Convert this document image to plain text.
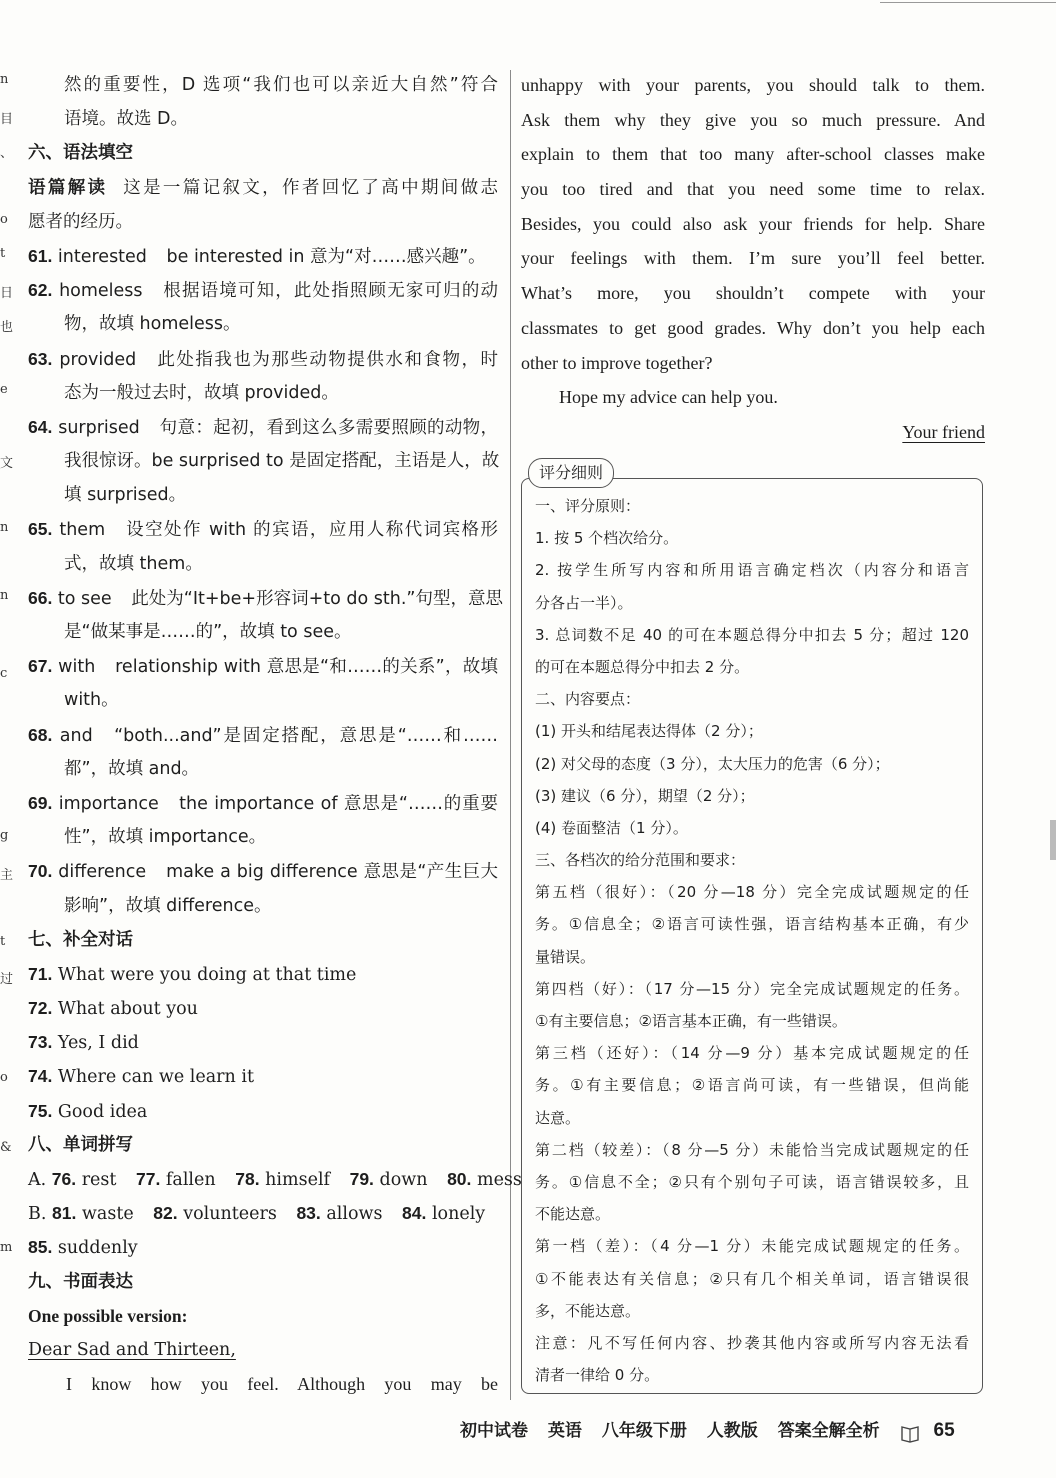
n
目
、
o
t
日
也
e
文
n
n
c
g
主
t
过
o
&
m
然的重要性，D 选项“我们也可以亲近大自然”符合
语境。故选 D。
六、语法填空
语篇解读 这是一篇记叙文，作者回忆了高中期间做志
愿者的经历。
61. interested be interested in 意为“对……感兴趣”。
62. homeless 根据语境可知，此处指照顾无家可归的动
物，故填 homeless。
63. provided 此处指我也为那些动物提供水和食物，时
态为一般过去时，故填 provided。
64. surprised 句意：起初，看到这么多需要照顾的动物，
我很惊讶。be surprised to 是固定搭配，主语是人，故
填 surprised。
65. them 设空处作 with 的宾语，应用人称代词宾格形
式，故填 them。
66. to see 此处为“It+be+形容词+to do sth.”句型，意思
是“做某事是……的”，故填 to see。
67. with relationship with 意思是“和……的关系”，故填
with。
68. and “both...and”是固定搭配，意思是“……和……
都”，故填 and。
69. importance the importance of 意思是“……的重要
性”，故填 importance。
70. difference make a big difference 意思是“产生巨大
影响”，故填 difference。
七、补全对话
71. What were you doing at that time
72. What about you
73. Yes, I did
74. Where can we learn it
75. Good idea
八、单词拼写
A. 76. rest 77. fallen 78. himself 79. down 80. mess
B. 81. waste 82. volunteers 83. allows 84. lonely
85. suddenly
九、书面表达
One possible version:
Dear Sad and Thirteen,
I know how you feel. Although you may be
unhappy with your parents, you should talk to them.
Ask them why they give you so much pressure. And
explain to them that too many after-school classes make
you too tired and that you need some time to relax.
Besides, you could also ask your friends for help. Share
your feelings with them. I’m sure you’ll feel better.
What’s more, you shouldn’t compete with your
classmates to get good grades. Why don’t you help each
other to improve together?
Hope my advice can help you.
Your friend
评分细则
一、评分原则：
1. 按 5 个档次给分。
2. 按学生所写内容和所用语言确定档次（内容分和语言
分各占一半）。
3. 总词数不足 40 的可在本题总得分中扣去 5 分；超过 120
的可在本题总得分中扣去 2 分。
二、内容要点：
(1) 开头和结尾表达得体（2 分）；
(2) 对父母的态度（3 分），太大压力的危害（6 分）；
(3) 建议（6 分），期望（2 分）；
(4) 卷面整洁（1 分）。
三、各档次的给分范围和要求：
第五档（很好）：（20 分—18 分）完全完成试题规定的任
务。①信息全；②语言可读性强，语言结构基本正确，有少
量错误。
第四档（好）：（17 分—15 分）完全完成试题规定的任务。
①有主要信息；②语言基本正确，有一些错误。
第三档（还好）：（14 分—9 分）基本完成试题规定的任
务。①有主要信息；②语言尚可读，有一些错误，但尚能
达意。
第二档（较差）：（8 分—5 分）未能恰当完成试题规定的任
务。①信息不全；②只有个别句子可读，语言错误较多，且
不能达意。
第一档（差）：（4 分—1 分）未能完成试题规定的任务。
①不能表达有关信息；②只有几个相关单词，语言错误很
多，不能达意。
注意：凡不写任何内容、抄袭其他内容或所写内容无法看
清者一律给 0 分。
初中试卷 英语 八年级下册 人教版 答案全解全析	65
